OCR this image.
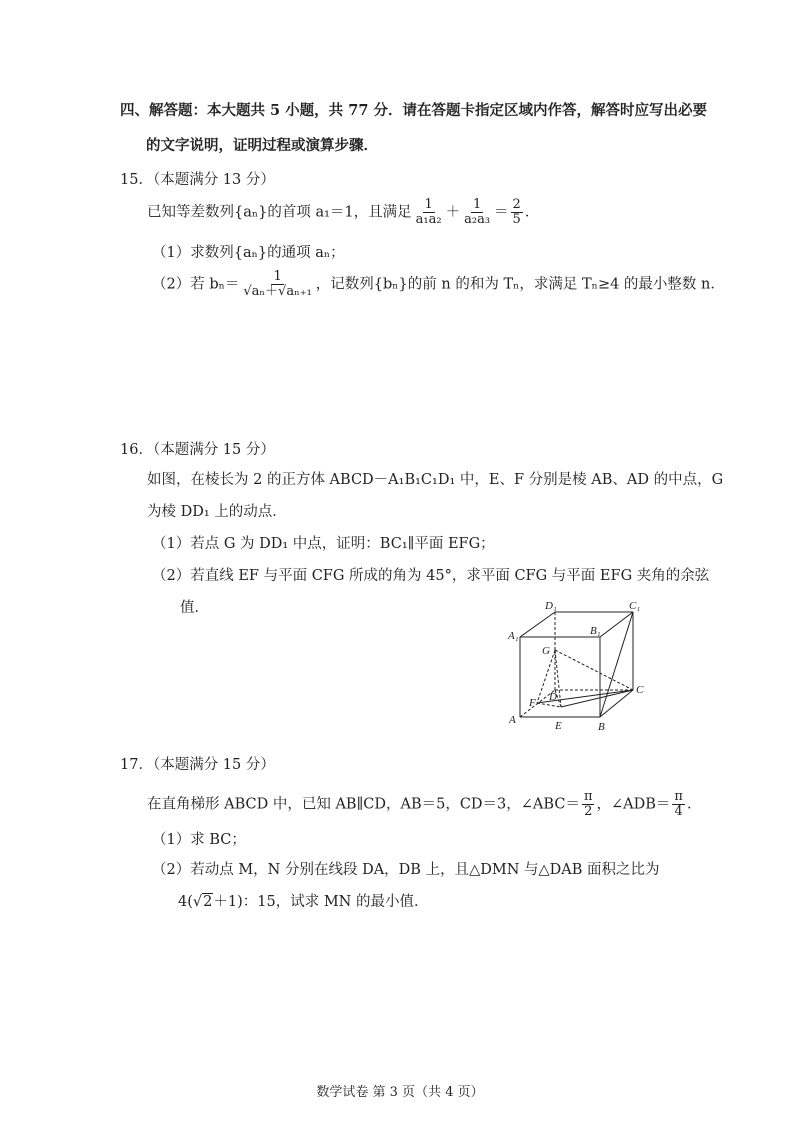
四、解答题：本大题共 5 小题，共 77 分．请在答题卡指定区域内作答，解答时应写出必要
的文字说明，证明过程或演算步骤．
15．（本题满分 13 分）
已知等差数列{aₙ}的首项 a₁＝1，且满足 $\frac{1}{\text{a₁a₂}} + \frac{1}{\text{a₂a₃}} = \frac{2}{5}$ ．
（1）求数列{aₙ}的通项 aₙ；
（2）若 $b_n= \frac{1}{\text{√aₙ＋√aₙ₊₁}}$ ，记数列{bₙ}的前 n 的和为 Tₙ，求满足 Tₙ≥4 的最小整数 n．
16．（本题满分 15 分）
如图，在棱长为 2 的正方体 ABCD－A₁B₁C₁D₁ 中，E、F 分别是棱 AB、AD 的中点，G
为棱 DD₁ 上的动点．
（1）若点 G 为 DD₁ 中点，证明：BC₁∥平面 EFG；
（2）若直线 EF 与平面 CFG 所成的角为 45°，求平面 CFG 与平面 EFG 夹角的余弦
值．
A
B
C
D
E
F
G
A₁	B₁
C₁
D₁
17．（本题满分 15 分）
在直角梯形 ABCD 中，已知 AB∥CD，AB＝5，CD＝3，∠ABC＝ $\frac{\pi}{2}$ ，∠ADB＝ $\frac{\pi}{4}$ ．
（1）求 BC；
（2）若动点 M，N 分别在线段 DA，DB 上，且△DMN 与△DAB 面积之比为
4(√2＋1)：15，试求 MN 的最小值．
数学试卷 第 3 页（共 4 页）
